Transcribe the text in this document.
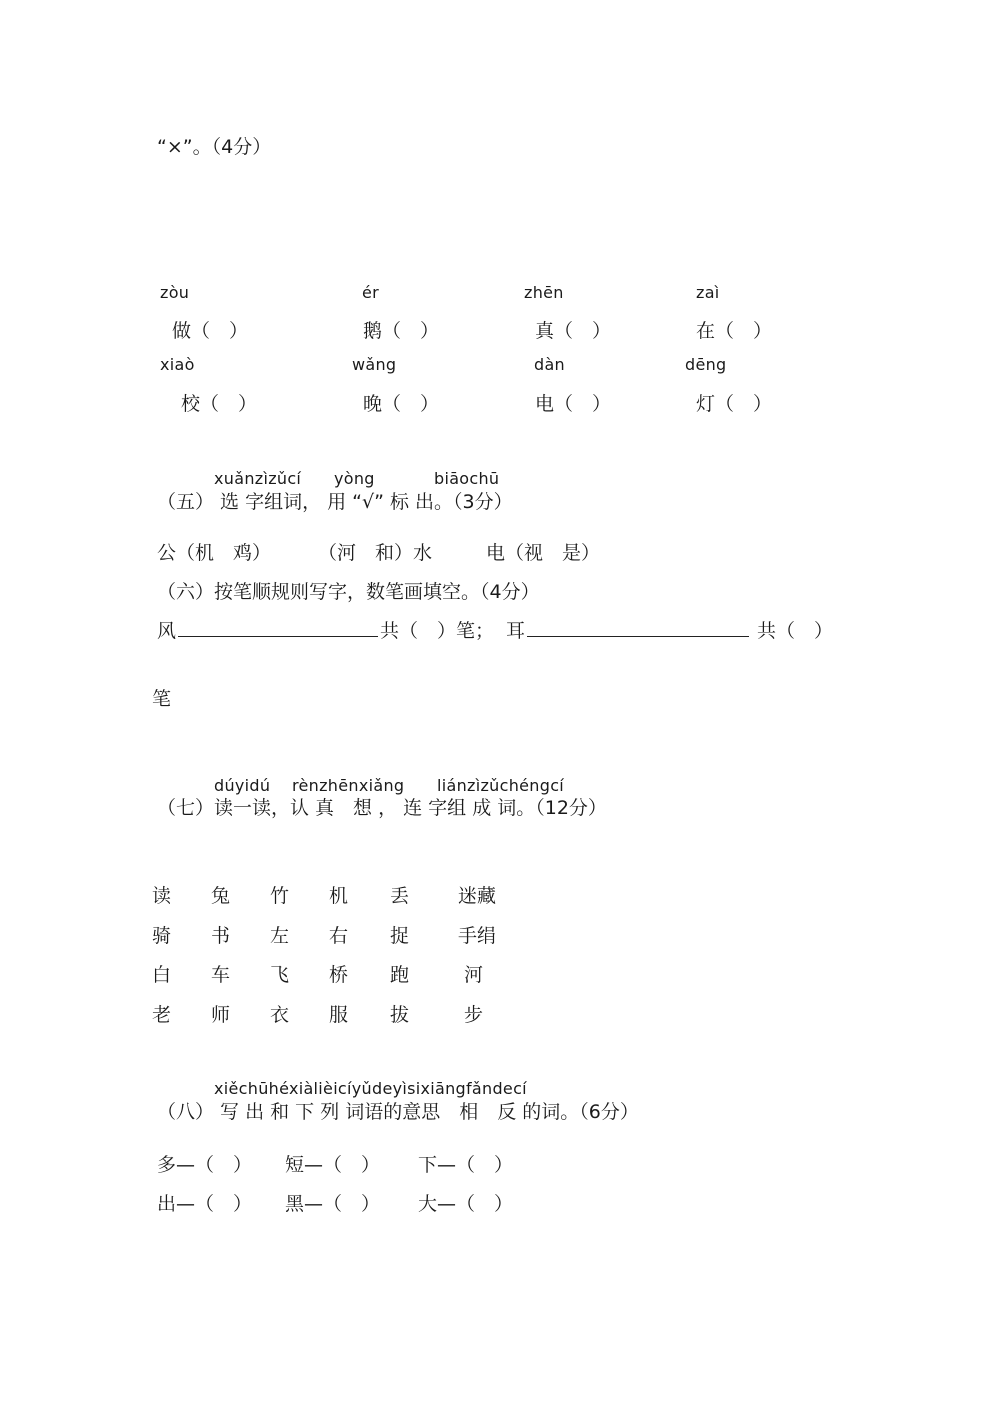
“×”。（4分）
zòu	ér	zhēn	zaì
做（　）	鹅（　）	真（　）	在（　）
xiaò	wǎng	dàn	dēng
校（　）	晚（　）	电（　）	灯（　）
xuǎnzìzǔcí yòng	biāochū
（五） 选 字组词， 用 “√” 标 出。（3分）
公（机　鸡） （河　和）水	电（视　是）
（六）按笔顺规则写字，数笔画填空。（4分）
风	共（　）笔； 耳	共（　）
笔
dúyidú rènzhēnxiǎng liánzìzǔchéngcí
（七）读一读，认 真　想 ， 连 字组 成 词。（12分）
读 兔 竹 机 丢	迷藏
骑 书 左 右 捉	手绢
白 车 飞 桥 跑	河
老 师 衣 服 拔	步
xiěchūhéxiàlièicíyǔdeyìsixiāngfǎndecí
（八） 写 出 和 下 列 词语的意思　相　反 的词。（6分）
多—（　） 短—（　） 下—（　）
出—（　） 黑—（　） 大—（　）
